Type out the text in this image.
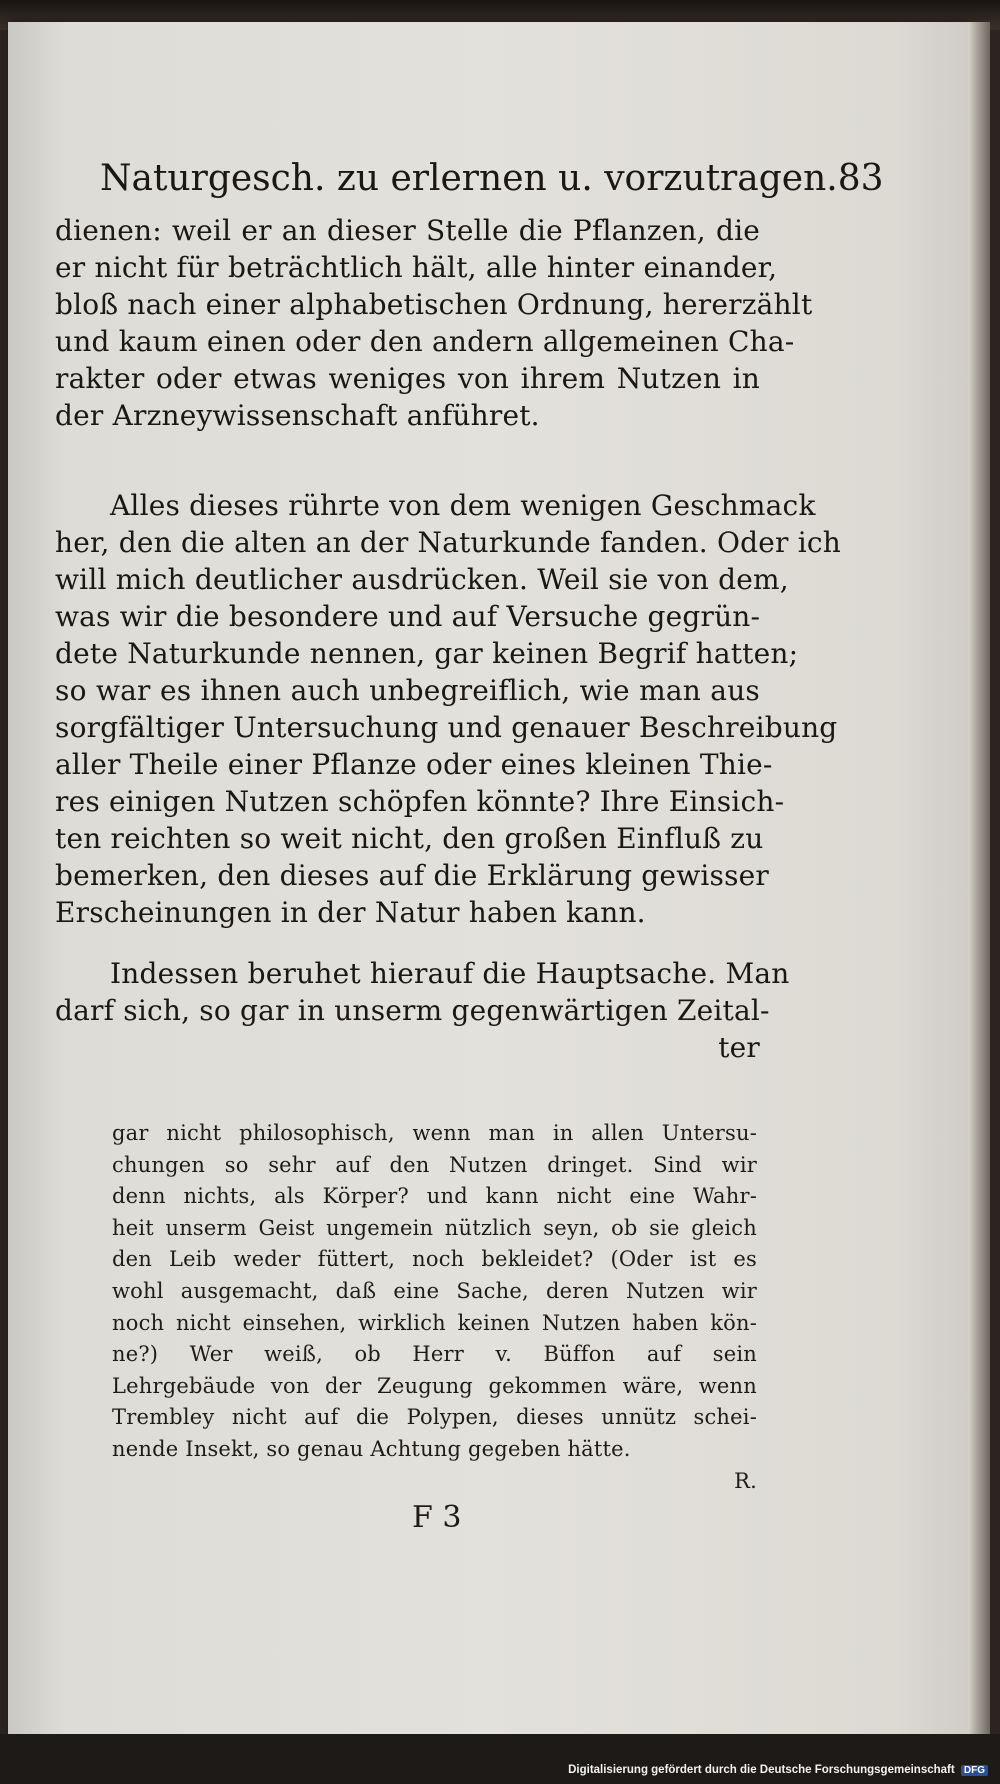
Naturgesch. zu erlernen u. vorzutragen. 83
dienen: weil er an dieser Stelle die Pflanzen, die
er nicht für beträchtlich hält, alle hinter einander,
bloß nach einer alphabetischen Ordnung, hererzählt
und kaum einen oder den andern allgemeinen Cha-
rakter oder etwas weniges von ihrem Nutzen in
der Arzneywissenschaft anführet.
Alles dieses rührte von dem wenigen Geschmack
her, den die alten an der Naturkunde fanden. Oder ich
will mich deutlicher ausdrücken. Weil sie von dem,
was wir die besondere und auf Versuche gegrün-
dete Naturkunde nennen, gar keinen Begrif hatten;
so war es ihnen auch unbegreiflich, wie man aus
sorgfältiger Untersuchung und genauer Beschreibung
aller Theile einer Pflanze oder eines kleinen Thie-
res einigen Nutzen schöpfen könnte? Ihre Einsich-
ten reichten so weit nicht, den großen Einfluß zu
bemerken, den dieses auf die Erklärung gewisser
Erscheinungen in der Natur haben kann.
Indessen beruhet hierauf die Hauptsache. Man
darf sich, so gar in unserm gegenwärtigen Zeital-
ter
gar nicht philosophisch, wenn man in allen Untersu-
chungen so sehr auf den Nutzen dringet. Sind wir
denn nichts, als Körper? und kann nicht eine Wahr-
heit unserm Geist ungemein nützlich seyn, ob sie gleich
den Leib weder füttert, noch bekleidet? (Oder ist es
wohl ausgemacht, daß eine Sache, deren Nutzen wir
noch nicht einsehen, wirklich keinen Nutzen haben kön-
ne?) Wer weiß, ob Herr v. Büffon auf sein
Lehrgebäude von der Zeugung gekommen wäre, wenn
Trembley nicht auf die Polypen, dieses unnütz schei-
nende Insekt, so genau Achtung gegeben hätte.
R.
F 3
Digitalisierung gefördert durch die Deutsche Forschungsgemeinschaft DFG
